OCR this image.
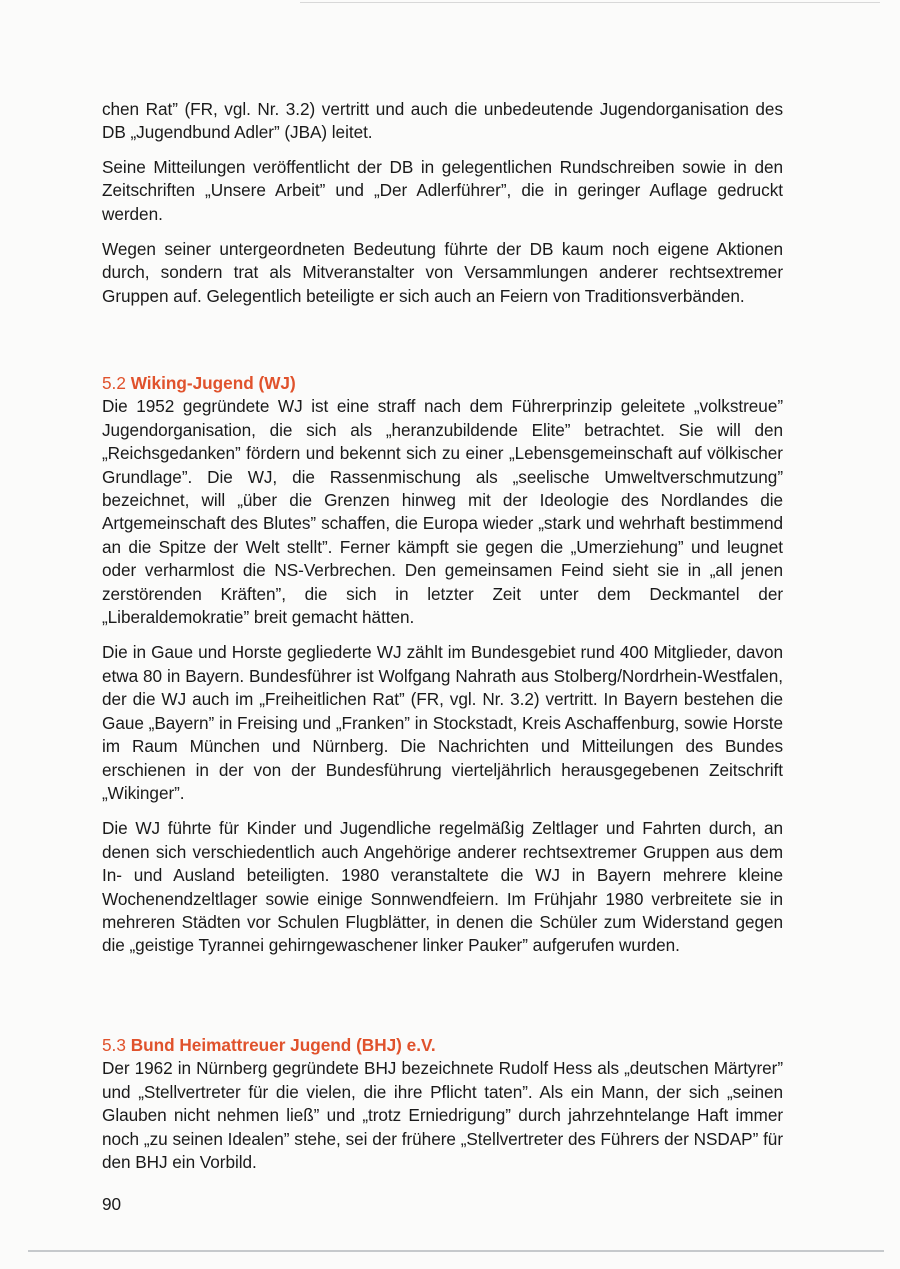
chen Rat” (FR, vgl. Nr. 3.2) vertritt und auch die unbedeutende Jugendorganisation des DB „Jugendbund Adler” (JBA) leitet.

Seine Mitteilungen veröffentlicht der DB in gelegentlichen Rundschreiben sowie in den Zeitschriften „Unsere Arbeit” und „Der Adlerführer”, die in geringer Auflage gedruckt werden.

Wegen seiner untergeordneten Bedeutung führte der DB kaum noch eigene Aktionen durch, sondern trat als Mitveranstalter von Versammlungen anderer rechtsextremer Gruppen auf. Gelegentlich beteiligte er sich auch an Feiern von Traditionsverbänden.

5.2 Wiking-Jugend (WJ)

Die 1952 gegründete WJ ist eine straff nach dem Führerprinzip geleitete „volkstreue” Jugendorganisation, die sich als „heranzubildende Elite” betrachtet. Sie will den „Reichsgedanken” fördern und bekennt sich zu einer „Lebensgemeinschaft auf völkischer Grundlage”. Die WJ, die Rassenmischung als „seelische Umweltverschmutzung” bezeichnet, will „über die Grenzen hinweg mit der Ideologie des Nordlandes die Artgemeinschaft des Blutes” schaffen, die Europa wieder „stark und wehrhaft bestimmend an die Spitze der Welt stellt”. Ferner kämpft sie gegen die „Umerziehung” und leugnet oder verharmlost die NS-Verbrechen. Den gemeinsamen Feind sieht sie in „all jenen zerstörenden Kräften”, die sich in letzter Zeit unter dem Deckmantel der „Liberaldemokratie” breit gemacht hätten.

Die in Gaue und Horste gegliederte WJ zählt im Bundesgebiet rund 400 Mitglieder, davon etwa 80 in Bayern. Bundesführer ist Wolfgang Nahrath aus Stolberg/​Nordrhein-Westfalen, der die WJ auch im „Freiheitlichen Rat” (FR, vgl. Nr. 3.2) vertritt. In Bayern bestehen die Gaue „Bayern” in Freising und „Franken” in Stockstadt, Kreis Aschaffenburg, sowie Horste im Raum München und Nürnberg. Die Nachrichten und Mitteilungen des Bundes erschienen in der von der Bundesführung vierteljährlich herausgegebenen Zeitschrift „Wikinger”.

Die WJ führte für Kinder und Jugendliche regelmäßig Zeltlager und Fahrten durch, an denen sich verschiedentlich auch Angehörige anderer rechtsextremer Gruppen aus dem In- und Ausland beteiligten. 1980 veranstaltete die WJ in Bayern mehrere kleine Wochenendzeltlager sowie einige Sonnwendfeiern. Im Frühjahr 1980 verbreitete sie in mehreren Städten vor Schulen Flugblätter, in denen die Schüler zum Widerstand gegen die „geistige Tyrannei gehirngewaschener linker Pauker” aufgerufen wurden.

5.3 Bund Heimattreuer Jugend (BHJ) e.V.

Der 1962 in Nürnberg gegründete BHJ bezeichnete Rudolf Hess als „deutschen Märtyrer” und „Stellvertreter für die vielen, die ihre Pflicht taten”. Als ein Mann, der sich „seinen Glauben nicht nehmen ließ” und „trotz Erniedrigung” durch jahrzehntelange Haft immer noch „zu seinen Idealen” stehe, sei der frühere „Stellvertreter des Führers der NSDAP” für den BHJ ein Vorbild.

90
